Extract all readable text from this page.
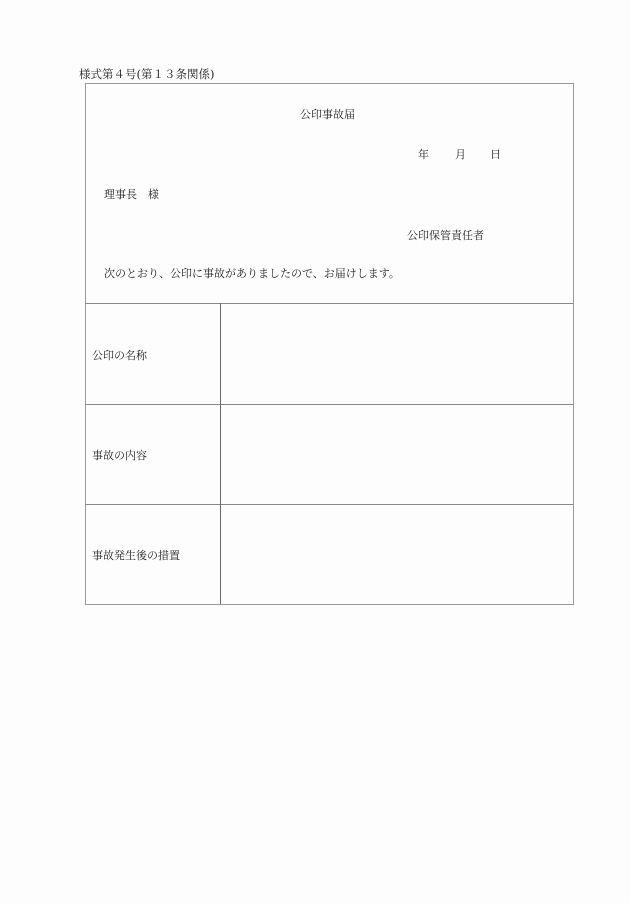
様式第４号(第１３条関係)
公印事故届
年 月 日
理事長　様
公印保管責任者
次のとおり、公印に事故がありましたので、お届けします。
公印の名称
事故の内容
事故発生後の措置
